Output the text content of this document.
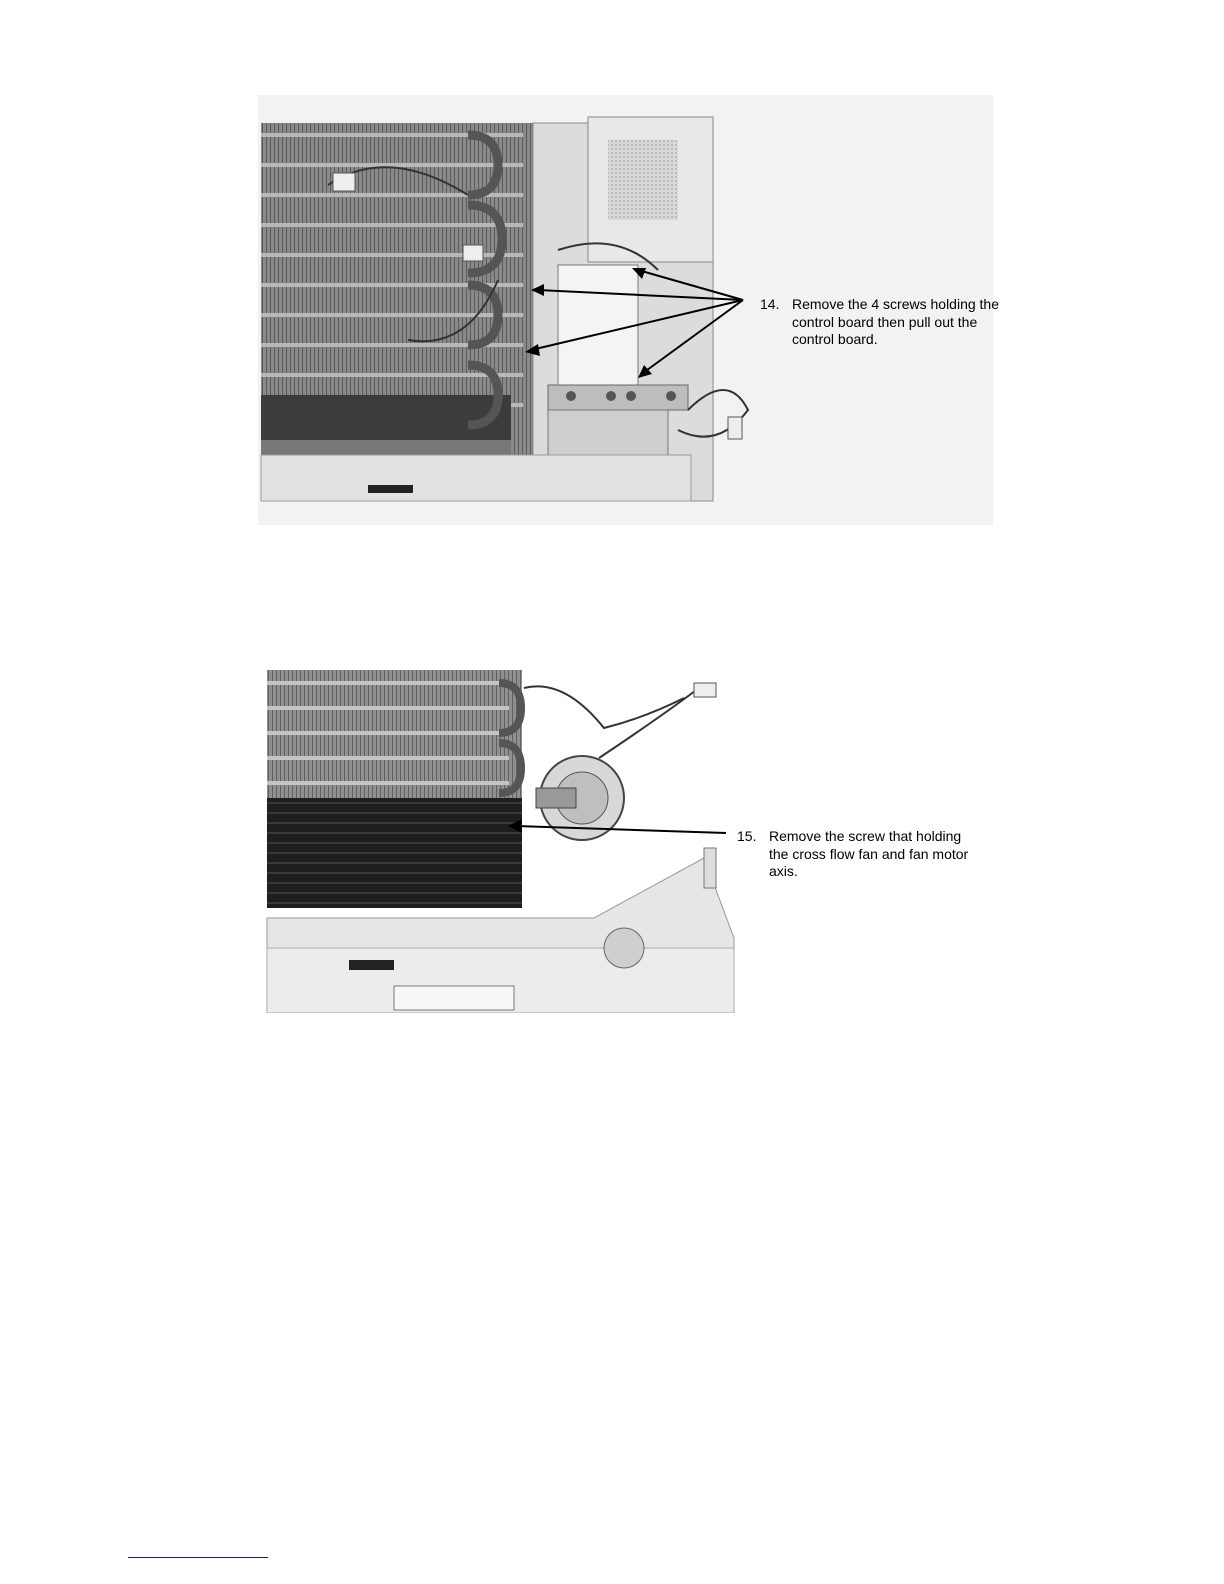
14. Remove the 4 screws holding the control board then pull out the control board.
15. Remove the screw that holding the cross flow fan and fan motor axis.
